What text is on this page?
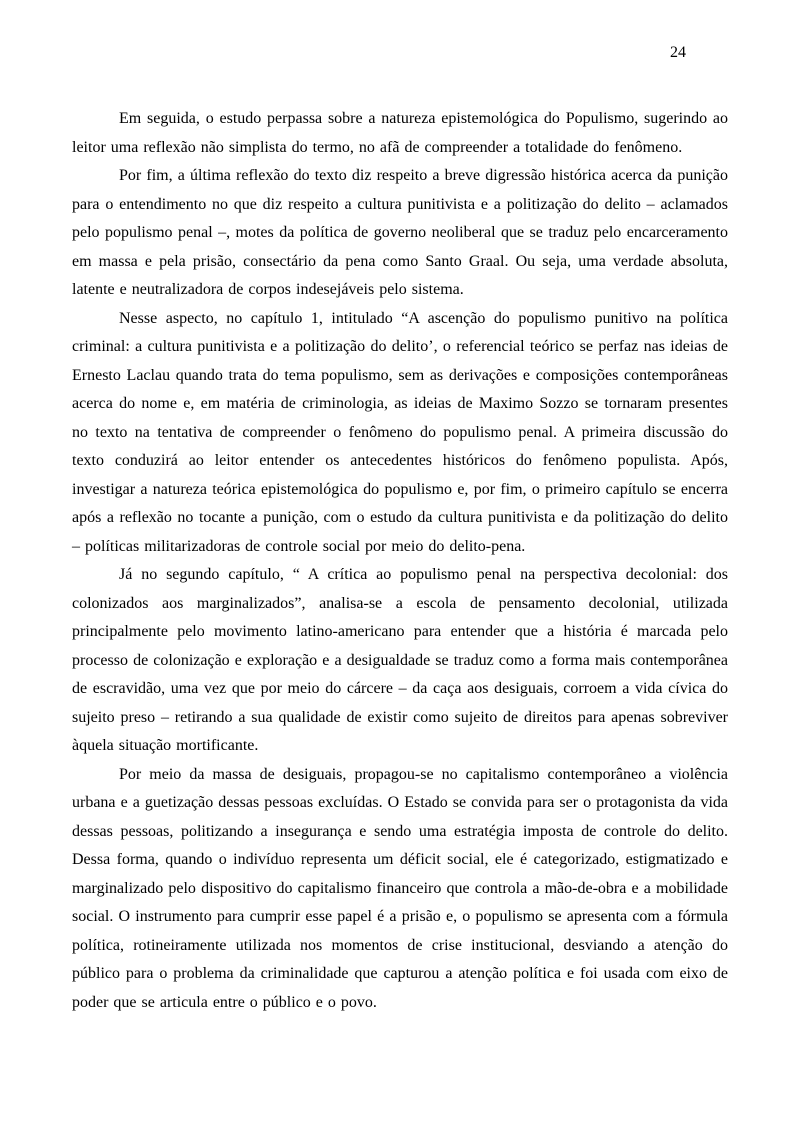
24

Em seguida, o estudo perpassa sobre a natureza epistemológica do Populismo, sugerindo ao leitor uma reflexão não simplista do termo, no afã de compreender a totalidade do fenômeno.

Por fim, a última reflexão do texto diz respeito a breve digressão histórica acerca da punição para o entendimento no que diz respeito a cultura punitivista e a politização do delito – aclamados pelo populismo penal –, motes da política de governo neoliberal que se traduz pelo encarceramento em massa e pela prisão, consectário da pena como Santo Graal. Ou seja, uma verdade absoluta, latente e neutralizadora de corpos indesejáveis pelo sistema.

Nesse aspecto, no capítulo 1, intitulado “A ascenção do populismo punitivo na política criminal: a cultura punitivista e a politização do delito’, o referencial teórico se perfaz nas ideias de Ernesto Laclau quando trata do tema populismo, sem as derivações e composições contemporâneas acerca do nome e, em matéria de criminologia, as ideias de Maximo Sozzo se tornaram presentes no texto na tentativa de compreender o fenômeno do populismo penal. A primeira discussão do texto conduzirá ao leitor entender os antecedentes históricos do fenômeno populista. Após, investigar a natureza teórica epistemológica do populismo e, por fim, o primeiro capítulo se encerra após a reflexão no tocante a punição, com o estudo da cultura punitivista e da politização do delito – políticas militarizadoras de controle social por meio do delito-pena.

Já no segundo capítulo, “ A crítica ao populismo penal na perspectiva decolonial: dos colonizados aos marginalizados”, analisa-se a escola de pensamento decolonial, utilizada principalmente pelo movimento latino-americano para entender que a história é marcada pelo processo de colonização e exploração e a desigualdade se traduz como a forma mais contemporânea de escravidão, uma vez que por meio do cárcere – da caça aos desiguais, corroem a vida cívica do sujeito preso – retirando a sua qualidade de existir como sujeito de direitos para apenas sobreviver àquela situação mortificante.

Por meio da massa de desiguais, propagou-se no capitalismo contemporâneo a violência urbana e a guetização dessas pessoas excluídas. O Estado se convida para ser o protagonista da vida dessas pessoas, politizando a insegurança e sendo uma estratégia imposta de controle do delito. Dessa forma, quando o indivíduo representa um déficit social, ele é categorizado, estigmatizado e marginalizado pelo dispositivo do capitalismo financeiro que controla a mão-de-obra e a mobilidade social. O instrumento para cumprir esse papel é a prisão e, o populismo se apresenta com a fórmula política, rotineiramente utilizada nos momentos de crise institucional, desviando a atenção do público para o problema da criminalidade que capturou a atenção política e foi usada com eixo de poder que se articula entre o público e o povo.
